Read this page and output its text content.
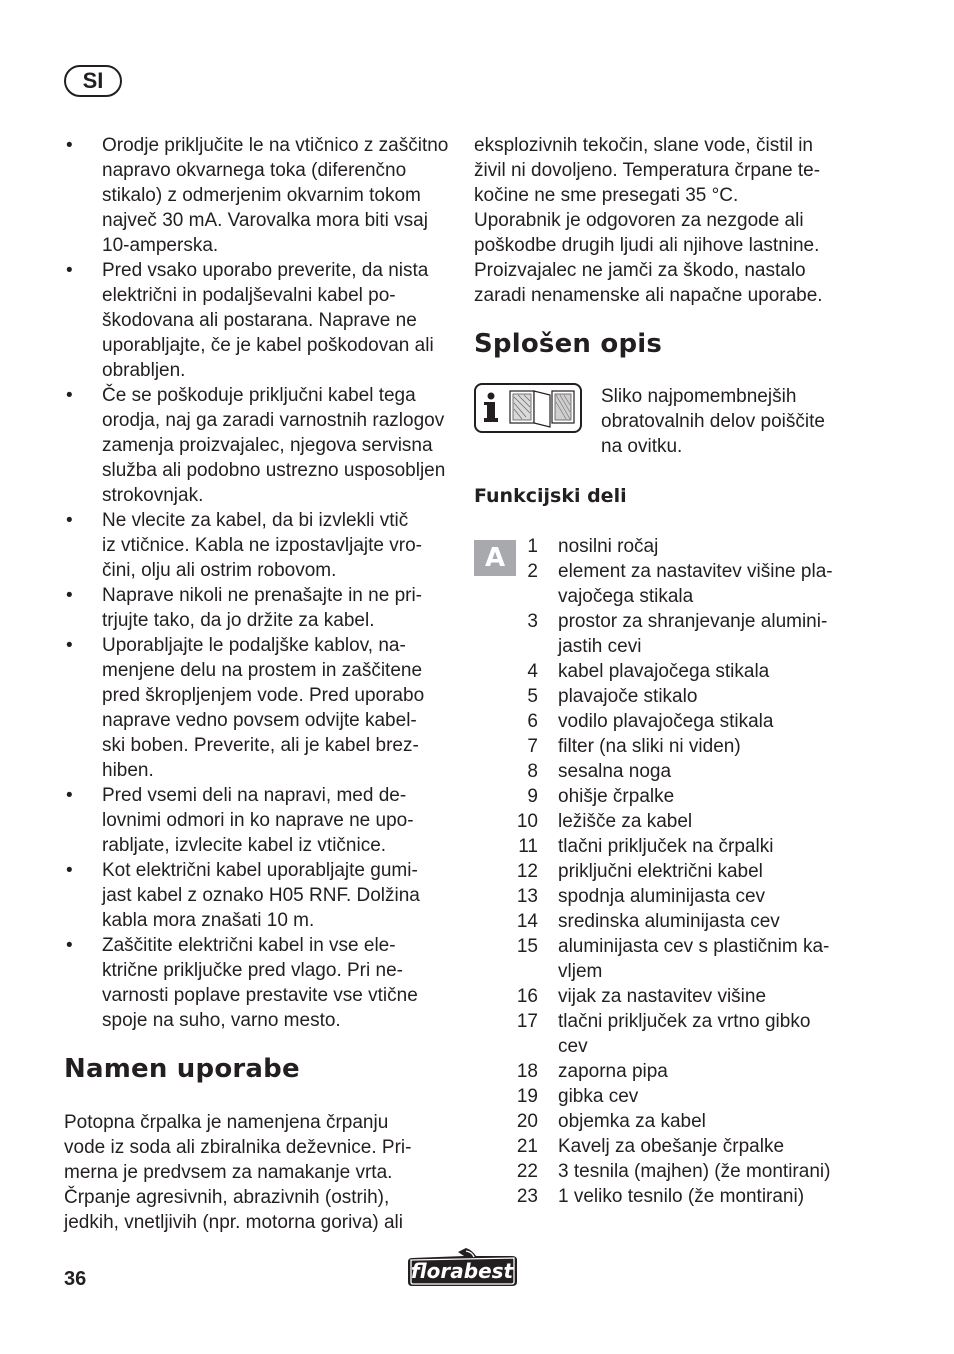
SI
•	Orodje priključite le na vtičnico z zaščitno
napravo okvarnega toka (diferenčno
stikalo) z odmerjenim okvarnim tokom
največ 30 mA. Varovalka mora biti vsaj
10-amperska.
•	Pred vsako uporabo preverite, da nista
električni in podaljševalni kabel po-
škodovana ali postarana. Naprave ne
uporabljajte, če je kabel poškodovan ali
obrabljen.
•	Če se poškoduje priključni kabel tega
orodja, naj ga zaradi varnostnih razlogov
zamenja proizvajalec, njegova servisna
služba ali podobno ustrezno usposobljen
strokovnjak.
•	Ne vlecite za kabel, da bi izvlekli vtič
iz vtičnice. Kabla ne izpostavljajte vro-
čini, olju ali ostrim robovom.
•	Naprave nikoli ne prenašajte in ne pri-
trjujte tako, da jo držite za kabel.
•	Uporabljajte le podaljške kablov, na-
menjene delu na prostem in zaščitene
pred škropljenjem vode. Pred uporabo
naprave vedno povsem odvijte kabel-
ski boben. Preverite, ali je kabel brez-
hiben.
•	Pred vsemi deli na napravi, med de-
lovnimi odmori in ko naprave ne upo-
rabljate, izvlecite kabel iz vtičnice.
•	Kot električni kabel uporabljajte gumi-
jast kabel z oznako H05 RNF. Dolžina
kabla mora znašati 10 m.
•	Zaščitite električni kabel in vse ele-
ktrične priključke pred vlago. Pri ne-
varnosti poplave prestavite vse vtične
spoje na suho, varno mesto.
Namen uporabe
Potopna črpalka je namenjena črpanju
vode iz soda ali zbiralnika deževnice. Pri-
merna je predvsem za namakanje vrta.
Črpanje agresivnih, abrazivnih (ostrih),
jedkih, vnetljivih (npr. motorna goriva) ali
eksplozivnih tekočin, slane vode, čistil in
živil ni dovoljeno. Temperatura črpane te-
kočine ne sme presegati 35 °C.
Uporabnik je odgovoren za nezgode ali
poškodbe drugih ljudi ali njihove lastnine.
Proizvajalec ne jamči za škodo, nastalo
zaradi nenamenske ali napačne uporabe.
Splošen opis
Sliko najpomembnejših
obratovalnih delov poiščite
na ovitku.
Funkcijski deli
A	1 nosilni ročaj
2 element za nastavitev višine pla-
vajočega stikala
3 prostor za shranjevanje alumini-
jastih cevi
4 kabel plavajočega stikala
5 plavajoče stikalo
6 vodilo plavajočega stikala
7 filter (na sliki ni viden)
8 sesalna noga
9 ohišje črpalke
10 ležišče za kabel
11 tlačni priključek na črpalki
12 priključni električni kabel
13 spodnja aluminijasta cev
14 sredinska aluminijasta cev
15 aluminijasta cev s plastičnim ka-
vljem
16 vijak za nastavitev višine
17 tlačni priključek za vrtno gibko
cev
18 zaporna pipa
19 gibka cev
20 objemka za kabel
21 Kavelj za obešanje črpalke
22 3 tesnila (majhen) (že montirani)
23 1 veliko tesnilo (že montirani)
36	florabest
